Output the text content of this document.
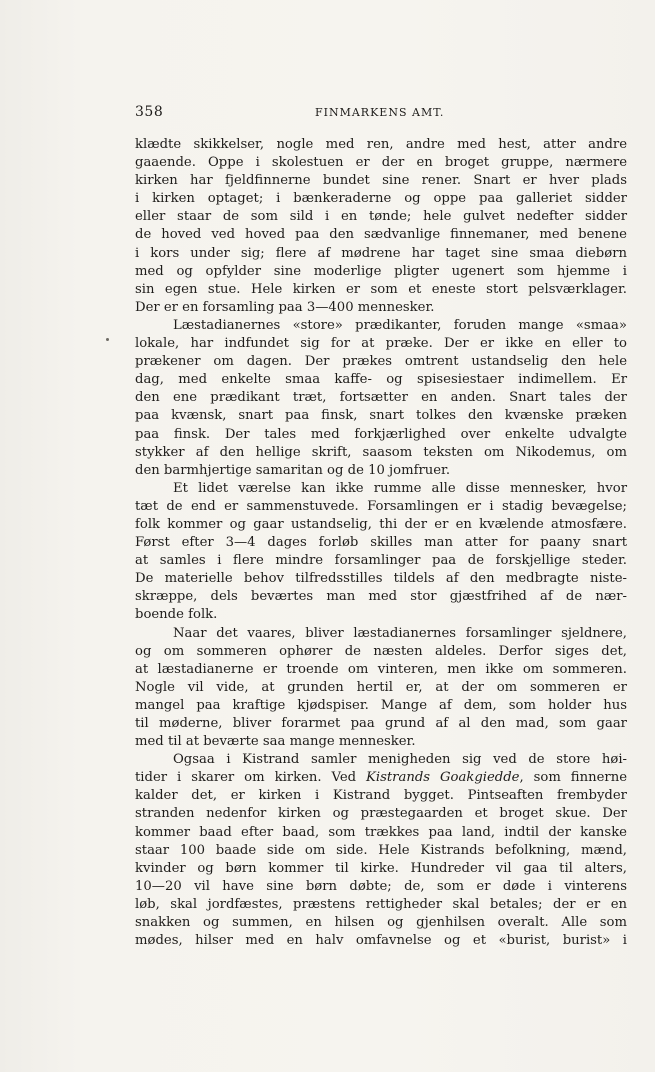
358	FINMARKENS AMT.
klædte skikkelser, nogle med ren, andre med hest, atter andre
gaaende. Oppe i skolestuen er der en broget gruppe, nærmere
kirken har fjeldfinnerne bundet sine rener. Snart er hver plads
i kirken optaget; i bænkeraderne og oppe paa galleriet sidder
eller staar de som sild i en tønde; hele gulvet nedefter sidder
de hoved ved hoved paa den sædvanlige finnemaner, med benene
i kors under sig; flere af mødrene har taget sine smaa diebørn
med og opfylder sine moderlige pligter ugenert som hjemme i
sin egen stue. Hele kirken er som et eneste stort pelsværklager.
Der er en forsamling paa 3—400 mennesker.
Læstadianernes «store» prædikanter, foruden mange «smaa»
lokale, har indfundet sig for at præke. Der er ikke en eller to
prækener om dagen. Der prækes omtrent ustandselig den hele
dag, med enkelte smaa kaffe- og spisesiestaer indimellem. Er
den ene prædikant træt, fortsætter en anden. Snart tales der
paa kvænsk, snart paa finsk, snart tolkes den kvænske præken
paa finsk. Der tales med forkjærlighed over enkelte udvalgte
stykker af den hellige skrift, saasom teksten om Nikodemus, om
den barmhjertige samaritan og de 10 jomfruer.
Et lidet værelse kan ikke rumme alle disse mennesker, hvor
tæt de end er sammenstuvede. Forsamlingen er i stadig bevægelse;
folk kommer og gaar ustandselig, thi der er en kvælende atmosfære.
Først efter 3—4 dages forløb skilles man atter for paany snart
at samles i flere mindre forsamlinger paa de forskjellige steder.
De materielle behov tilfredsstilles tildels af den medbragte niste-
skræppe, dels beværtes man med stor gjæstfrihed af de nær-
boende folk.
Naar det vaares, bliver læstadianernes forsamlinger sjeldnere,
og om sommeren ophører de næsten aldeles. Derfor siges det,
at læstadianerne er troende om vinteren, men ikke om sommeren.
Nogle vil vide, at grunden hertil er, at der om sommeren er
mangel paa kraftige kjødspiser. Mange af dem, som holder hus
til møderne, bliver forarmet paa grund af al den mad, som gaar
med til at beværte saa mange mennesker.
Ogsaa i Kistrand samler menigheden sig ved de store høi-
tider i skarer om kirken. Ved Kistrands Goakgiedde, som finnerne
kalder det, er kirken i Kistrand bygget. Pintseaften frembyder
stranden nedenfor kirken og præstegaarden et broget skue. Der
kommer baad efter baad, som trækkes paa land, indtil der kanske
staar 100 baade side om side. Hele Kistrands befolkning, mænd,
kvinder og børn kommer til kirke. Hundreder vil gaa til alters,
10—20 vil have sine børn døbte; de, som er døde i vinterens
løb, skal jordfæstes, præstens rettigheder skal betales; der er en
snakken og summen, en hilsen og gjenhilsen overalt. Alle som
mødes, hilser med en halv omfavnelse og et «burist, burist» i
